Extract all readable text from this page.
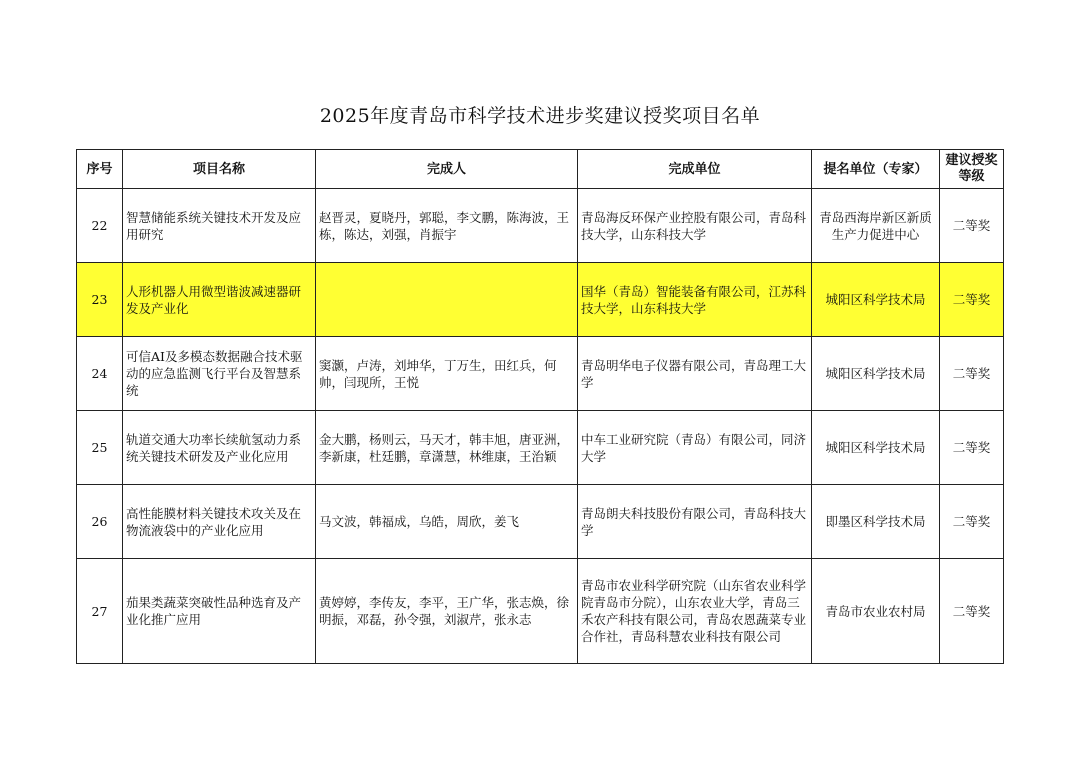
2025年度青岛市科学技术进步奖建议授奖项目名单
序号	项目名称	完成人	完成单位	提名单位（专家）	建议授奖等级
22	智慧储能系统关键技术开发及应用研究	赵晋灵，夏晓丹，郭聪，李文鹏，陈海波，王栋，陈达，刘强，肖振宇	青岛海反环保产业控股有限公司，青岛科技大学，山东科技大学	青岛西海岸新区新质生产力促进中心	二等奖
23	人形机器人用微型谐波减速器研发及产业化		国华（青岛）智能装备有限公司，江苏科技大学，山东科技大学	城阳区科学技术局	二等奖
24	可信AI及多模态数据融合技术驱动的应急监测飞行平台及智慧系统	窦灏，卢涛，刘坤华，丁万生，田红兵，何帅，闫现所，王悦	青岛明华电子仪器有限公司，青岛理工大学	城阳区科学技术局	二等奖
25	轨道交通大功率长续航氢动力系统关键技术研发及产业化应用	金大鹏，杨则云，马天才，韩丰旭，唐亚洲，李新康，杜廷鹏，章潇慧，林维康，王治颖	中车工业研究院（青岛）有限公司，同济大学	城阳区科学技术局	二等奖
26	高性能膜材料关键技术攻关及在物流液袋中的产业化应用	马文波，韩福成，乌皓，周欣，姜飞	青岛朗夫科技股份有限公司，青岛科技大学	即墨区科学技术局	二等奖
27	茄果类蔬菜突破性品种选育及产业化推广应用	黄婷婷，李传友，李平，王广华，张志焕，徐明振，邓磊，孙令强，刘淑芹，张永志	青岛市农业科学研究院（山东省农业科学院青岛市分院），山东农业大学，青岛三禾农产科技有限公司，青岛农恩蔬菜专业合作社，青岛科慧农业科技有限公司	青岛市农业农村局	二等奖
